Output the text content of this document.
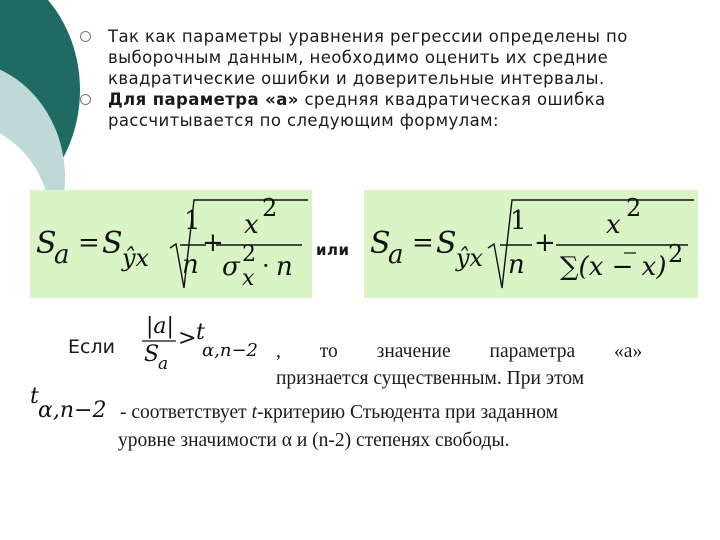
Так как параметры уравнения регрессии определены по выборочным данным, необходимо оценить их средние квадратические ошибки и доверительные интервалы.
Для параметра «а» средняя квадратическая ошибка рассчитывается по следующим формулам:
S
a = S ŷx
1
n
+
x
2
σ 2
x · n
или S
a = S ŷx
1
n
+
x
2
∑(x − x) 2
Если
|a|
S
a
> t
α,n−2 , то значение параметра «a»
признается существенным. При этом
t
α,n−2 - соответствует t-критерию Стьюдента при заданном
уровне значимости α и (n-2) степенях свободы.
